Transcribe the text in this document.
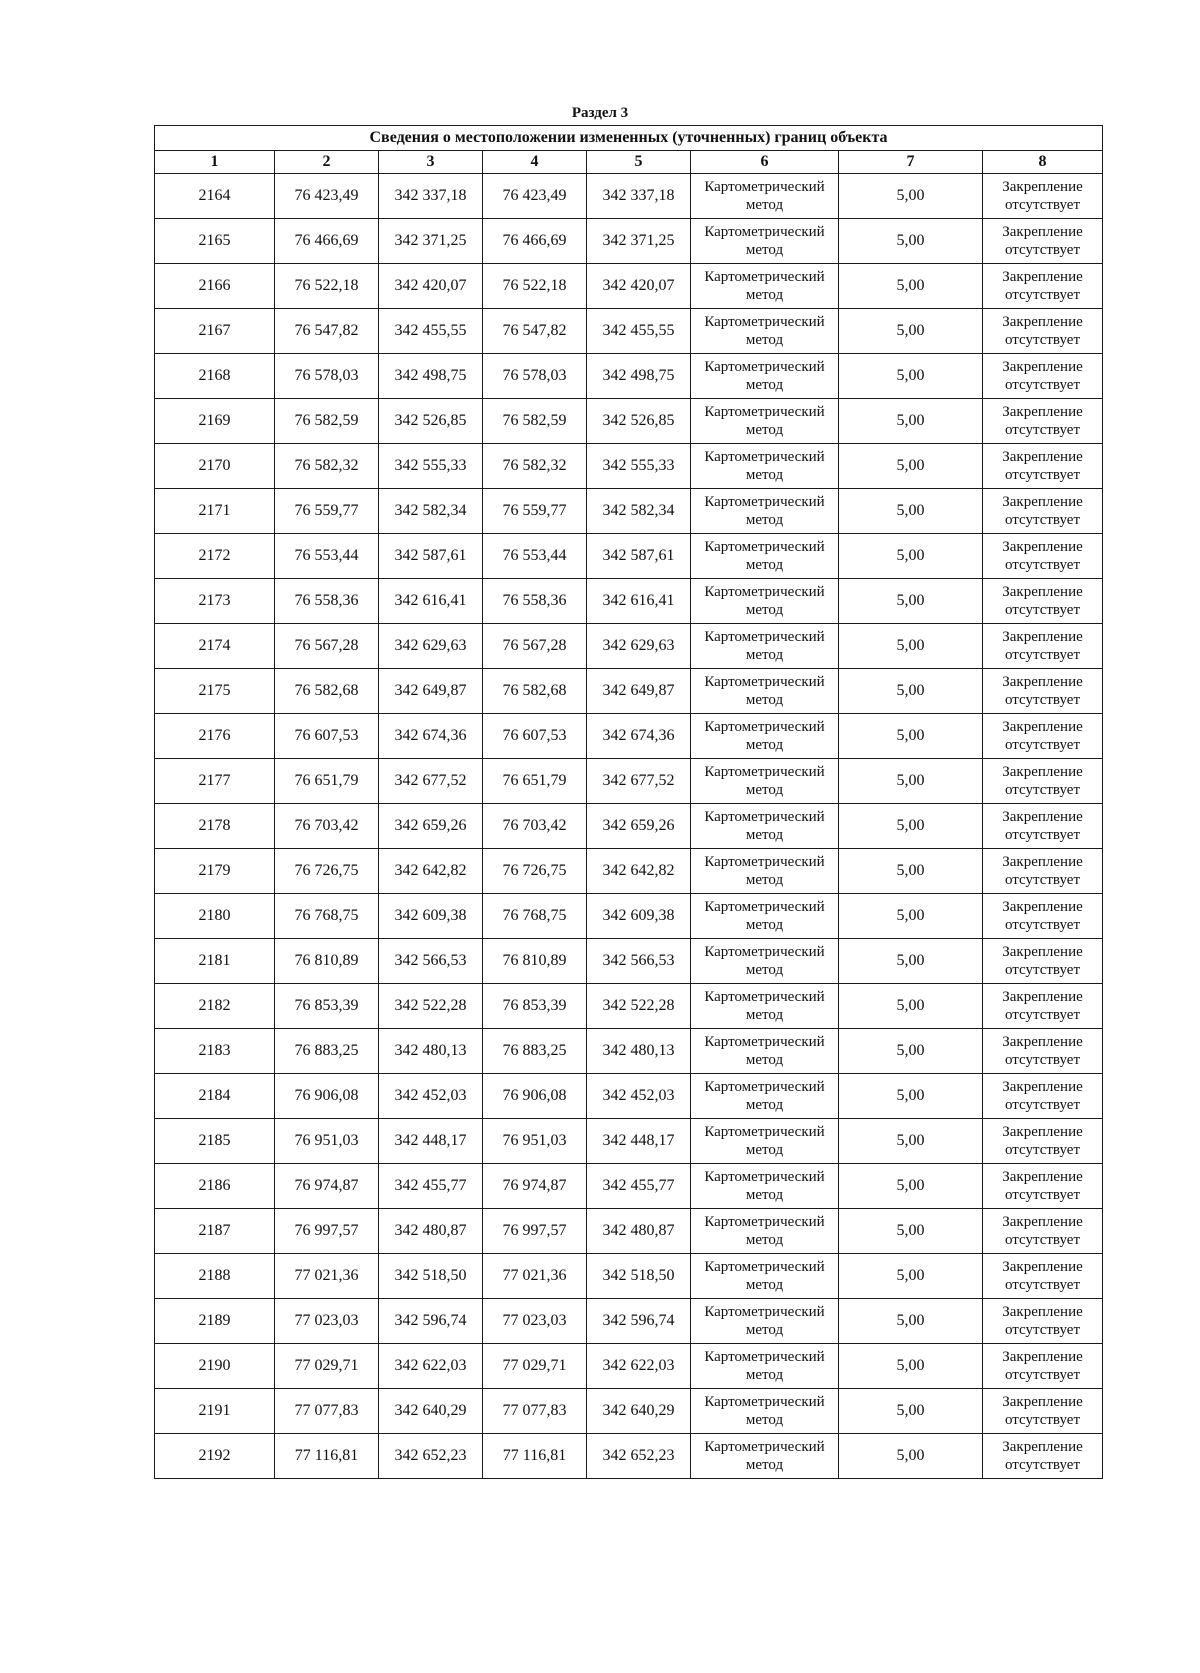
Раздел 3
Сведения о местоположении измененных (уточненных) границ объекта							
1	2	3	4	5	6	7	8
2164	76 423,49	342 337,18	76 423,49	342 337,18	Картометрический метод	5,00	Закрепление отсутствует
2165	76 466,69	342 371,25	76 466,69	342 371,25	Картометрический метод	5,00	Закрепление отсутствует
2166	76 522,18	342 420,07	76 522,18	342 420,07	Картометрический метод	5,00	Закрепление отсутствует
2167	76 547,82	342 455,55	76 547,82	342 455,55	Картометрический метод	5,00	Закрепление отсутствует
2168	76 578,03	342 498,75	76 578,03	342 498,75	Картометрический метод	5,00	Закрепление отсутствует
2169	76 582,59	342 526,85	76 582,59	342 526,85	Картометрический метод	5,00	Закрепление отсутствует
2170	76 582,32	342 555,33	76 582,32	342 555,33	Картометрический метод	5,00	Закрепление отсутствует
2171	76 559,77	342 582,34	76 559,77	342 582,34	Картометрический метод	5,00	Закрепление отсутствует
2172	76 553,44	342 587,61	76 553,44	342 587,61	Картометрический метод	5,00	Закрепление отсутствует
2173	76 558,36	342 616,41	76 558,36	342 616,41	Картометрический метод	5,00	Закрепление отсутствует
2174	76 567,28	342 629,63	76 567,28	342 629,63	Картометрический метод	5,00	Закрепление отсутствует
2175	76 582,68	342 649,87	76 582,68	342 649,87	Картометрический метод	5,00	Закрепление отсутствует
2176	76 607,53	342 674,36	76 607,53	342 674,36	Картометрический метод	5,00	Закрепление отсутствует
2177	76 651,79	342 677,52	76 651,79	342 677,52	Картометрический метод	5,00	Закрепление отсутствует
2178	76 703,42	342 659,26	76 703,42	342 659,26	Картометрический метод	5,00	Закрепление отсутствует
2179	76 726,75	342 642,82	76 726,75	342 642,82	Картометрический метод	5,00	Закрепление отсутствует
2180	76 768,75	342 609,38	76 768,75	342 609,38	Картометрический метод	5,00	Закрепление отсутствует
2181	76 810,89	342 566,53	76 810,89	342 566,53	Картометрический метод	5,00	Закрепление отсутствует
2182	76 853,39	342 522,28	76 853,39	342 522,28	Картометрический метод	5,00	Закрепление отсутствует
2183	76 883,25	342 480,13	76 883,25	342 480,13	Картометрический метод	5,00	Закрепление отсутствует
2184	76 906,08	342 452,03	76 906,08	342 452,03	Картометрический метод	5,00	Закрепление отсутствует
2185	76 951,03	342 448,17	76 951,03	342 448,17	Картометрический метод	5,00	Закрепление отсутствует
2186	76 974,87	342 455,77	76 974,87	342 455,77	Картометрический метод	5,00	Закрепление отсутствует
2187	76 997,57	342 480,87	76 997,57	342 480,87	Картометрический метод	5,00	Закрепление отсутствует
2188	77 021,36	342 518,50	77 021,36	342 518,50	Картометрический метод	5,00	Закрепление отсутствует
2189	77 023,03	342 596,74	77 023,03	342 596,74	Картометрический метод	5,00	Закрепление отсутствует
2190	77 029,71	342 622,03	77 029,71	342 622,03	Картометрический метод	5,00	Закрепление отсутствует
2191	77 077,83	342 640,29	77 077,83	342 640,29	Картометрический метод	5,00	Закрепление отсутствует
2192	77 116,81	342 652,23	77 116,81	342 652,23	Картометрический метод	5,00	Закрепление отсутствует
